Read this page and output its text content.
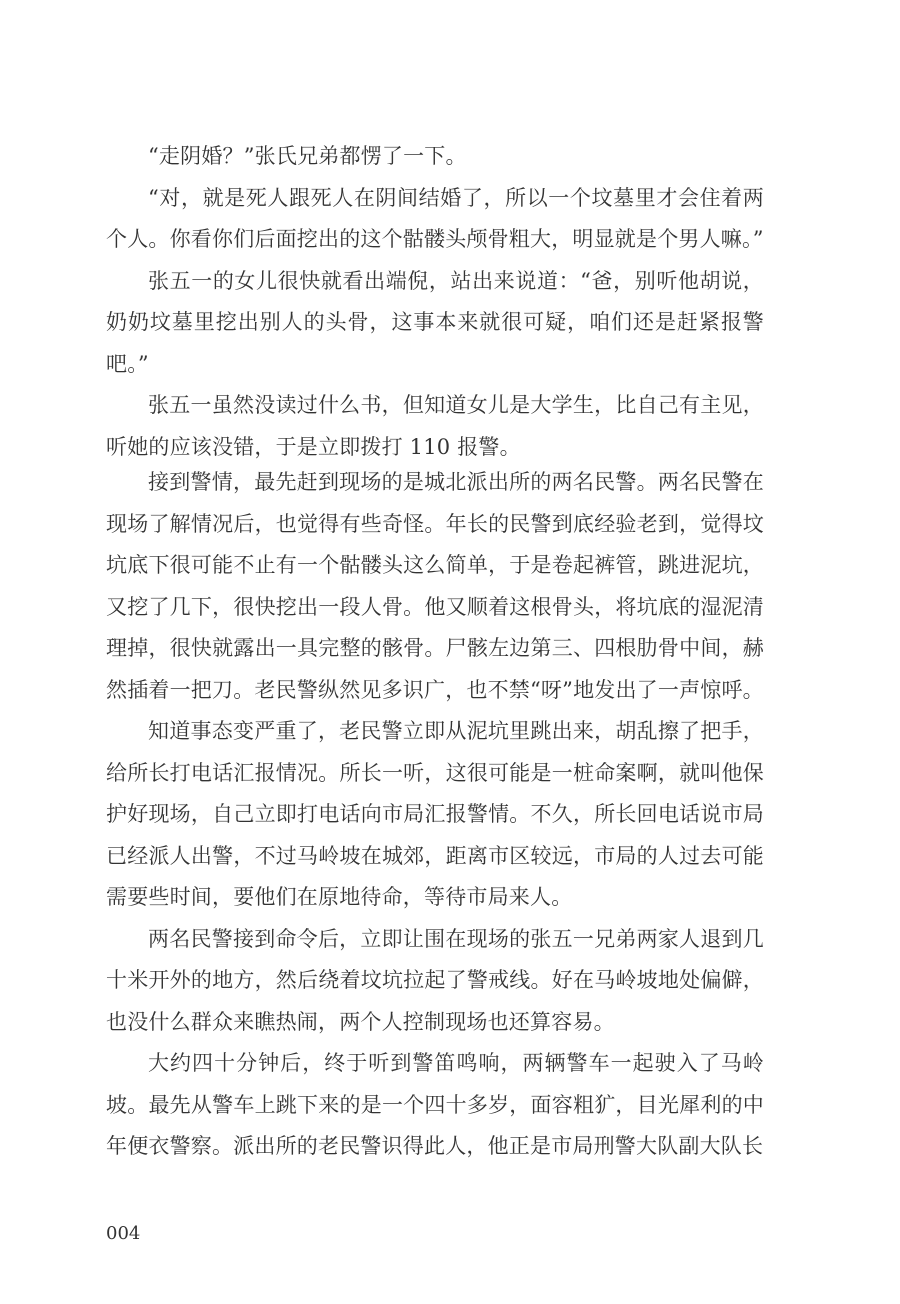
“走阴婚？”张氏兄弟都愣了一下。

“对，就是死人跟死人在阴间结婚了，所以一个坟墓里才会住着两个人。你看你们后面挖出的这个骷髅头颅骨粗大，明显就是个男人嘛。”

张五一的女儿很快就看出端倪，站出来说道：“爸，别听他胡说，奶奶坟墓里挖出别人的头骨，这事本来就很可疑，咱们还是赶紧报警吧。”

张五一虽然没读过什么书，但知道女儿是大学生，比自己有主见，听她的应该没错，于是立即拨打 110 报警。

接到警情，最先赶到现场的是城北派出所的两名民警。两名民警在现场了解情况后，也觉得有些奇怪。年长的民警到底经验老到，觉得坟坑底下很可能不止有一个骷髅头这么简单，于是卷起裤管，跳进泥坑，又挖了几下，很快挖出一段人骨。他又顺着这根骨头，将坑底的湿泥清理掉，很快就露出一具完整的骸骨。尸骸左边第三、四根肋骨中间，赫然插着一把刀。老民警纵然见多识广，也不禁“呀”地发出了一声惊呼。

知道事态变严重了，老民警立即从泥坑里跳出来，胡乱擦了把手，给所长打电话汇报情况。所长一听，这很可能是一桩命案啊，就叫他保护好现场，自己立即打电话向市局汇报警情。不久，所长回电话说市局已经派人出警，不过马岭坡在城郊，距离市区较远，市局的人过去可能需要些时间，要他们在原地待命，等待市局来人。

两名民警接到命令后，立即让围在现场的张五一兄弟两家人退到几十米开外的地方，然后绕着坟坑拉起了警戒线。好在马岭坡地处偏僻，也没什么群众来瞧热闹，两个人控制现场也还算容易。

大约四十分钟后，终于听到警笛鸣响，两辆警车一起驶入了马岭坡。最先从警车上跳下来的是一个四十多岁，面容粗犷，目光犀利的中年便衣警察。派出所的老民警识得此人，他正是市局刑警大队副大队长

004
